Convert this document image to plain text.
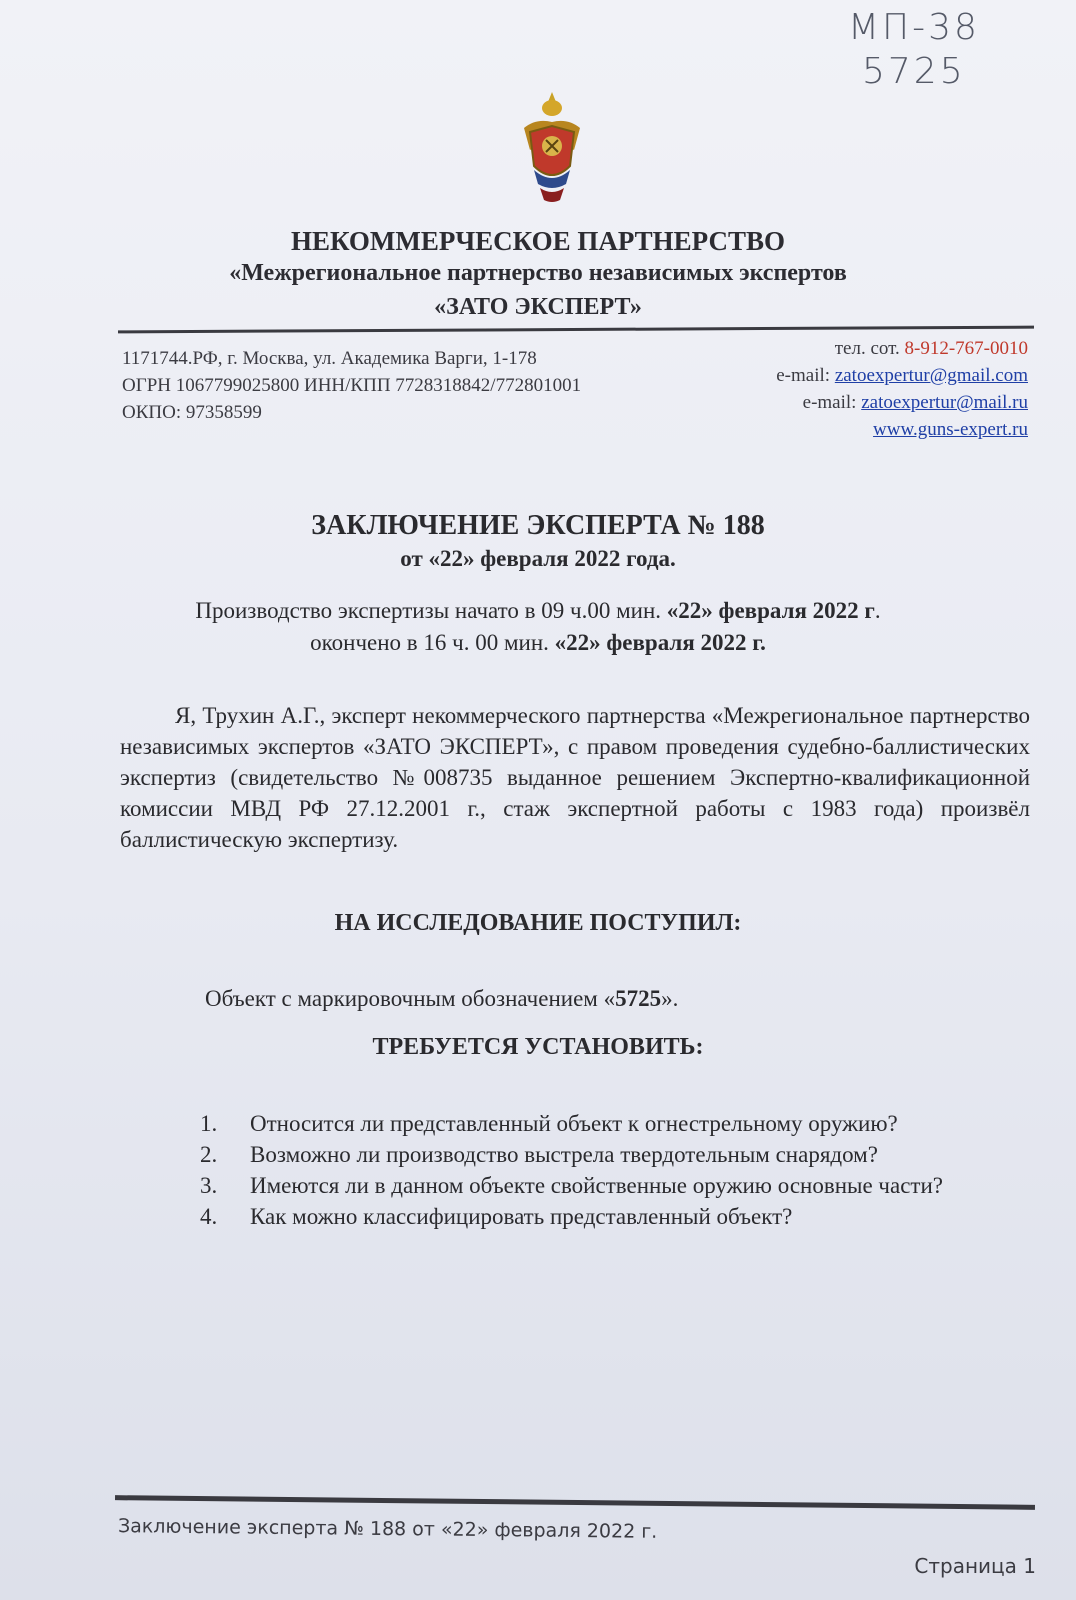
МП-38
5725
НЕКОММЕРЧЕСКОЕ ПАРТНЕРСТВО
«Межрегиональное партнерство независимых экспертов
«ЗАТО ЭКСПЕРТ»
1171744.РФ, г. Москва, ул. Академика Варги, 1-178
ОГРН 1067799025800 ИНН/КПП 7728318842/772801001
ОКПО: 97358599
тел. сот. 8-912-767-0010
e-mail: zatoexpertur@gmail.com
e-mail: zatoexpertur@mail.ru
www.guns-expert.ru
ЗАКЛЮЧЕНИЕ ЭКСПЕРТА № 188
от «22» февраля 2022 года.
Производство экспертизы начато в 09 ч.00 мин. «22» февраля 2022 г.
окончено в 16 ч. 00 мин. «22» февраля 2022 г.

Я, Трухин А.Г., эксперт некоммерческого партнерства «Межрегиональное партнерство независимых экспертов «ЗАТО ЭКСПЕРТ», с правом проведения судебно-баллистических экспертиз (свидетельство №008735 выданное решением Экспертно-квалификационной комиссии МВД РФ 27.12.2001 г., стаж экспертной работы с 1983 года) произвёл баллистическую экспертизу.

НА ИССЛЕДОВАНИЕ ПОСТУПИЛ:
Объект с маркировочным обозначением «5725».
ТРЕБУЕТСЯ УСТАНОВИТЬ:
1. Относится ли представленный объект к огнестрельному оружию?
2. Возможно ли производство выстрела твердотельным снарядом?
3. Имеются ли в данном объекте свойственные оружию основные части?
4. Как можно классифицировать представленный объект?
Заключение эксперта № 188 от «22» февраля 2022 г.
Страница 1
